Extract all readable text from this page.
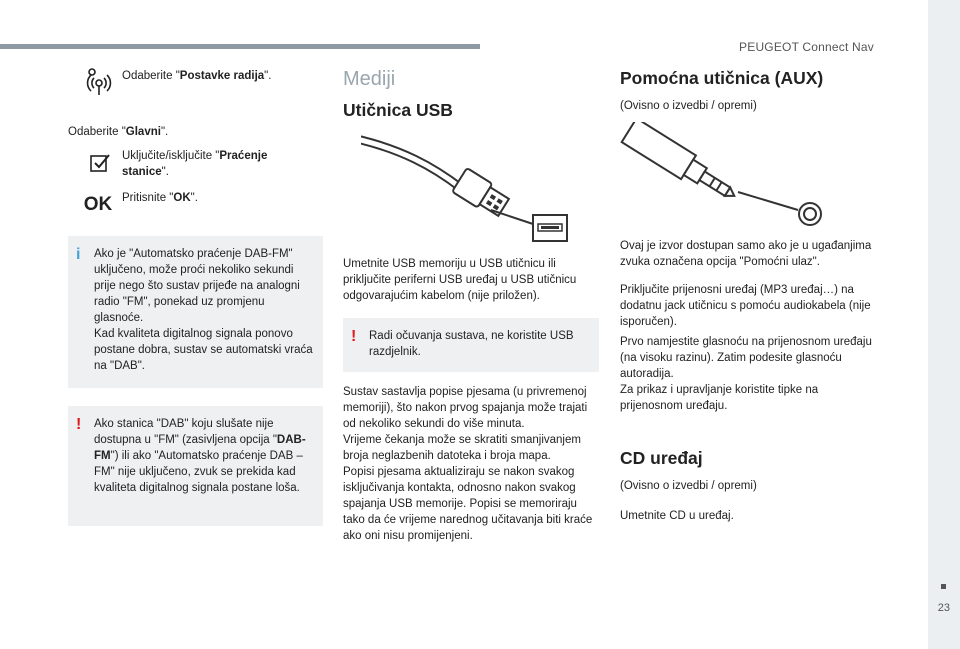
PEUGEOT Connect Nav
23
Odaberite "Postavke radija".
Odaberite "Glavni".
Uključite/isključite "Praćenje stanice".
OK Pritisnite "OK".
i Ako je "Automatsko praćenje DAB-FM" uključeno, može proći nekoliko sekundi prije nego što sustav prijeđe na analogni radio "FM", ponekad uz promjenu glasnoće.
Kad kvaliteta digitalnog signala ponovo postane dobra, sustav se automatski vraća na "DAB".
! Ako stanica "DAB" koju slušate nije dostupna u "FM" (zasivljena opcija "DAB-FM") ili ako "Automatsko praćenje DAB – FM" nije uključeno, zvuk se prekida kad kvaliteta digitalnog signala postane loša.
Mediji
Utičnica USB
Umetnite USB memoriju u USB utičnicu ili priključite periferni USB uređaj u USB utičnicu odgovarajućim kabelom (nije priložen).
! Radi očuvanja sustava, ne koristite USB razdjelnik.
Sustav sastavlja popise pjesama (u privremenoj memoriji), što nakon prvog spajanja može trajati od nekoliko sekundi do više minuta.
Vrijeme čekanja može se skratiti smanjivanjem broja neglazbenih datoteka i broja mapa.
Popisi pjesama aktualiziraju se nakon svakog isključivanja kontakta, odnosno nakon svakog spajanja USB memorije. Popisi se memoriraju tako da će vrijeme narednog učitavanja biti kraće ako oni nisu promijenjeni.
Pomoćna utičnica (AUX)
(Ovisno o izvedbi / opremi)
Ovaj je izvor dostupan samo ako je u ugađanjima zvuka označena opcija "Pomoćni ulaz".
Priključite prijenosni uređaj (MP3 uređaj…) na dodatnu jack utičnicu s pomoću audiokabela (nije isporučen).
Prvo namjestite glasnoću na prijenosnom uređaju (na visoku razinu). Zatim podesite glasnoću autoradija.
Za prikaz i upravljanje koristite tipke na prijenosnom uređaju.
CD uređaj
(Ovisno o izvedbi / opremi)
Umetnite CD u uređaj.
